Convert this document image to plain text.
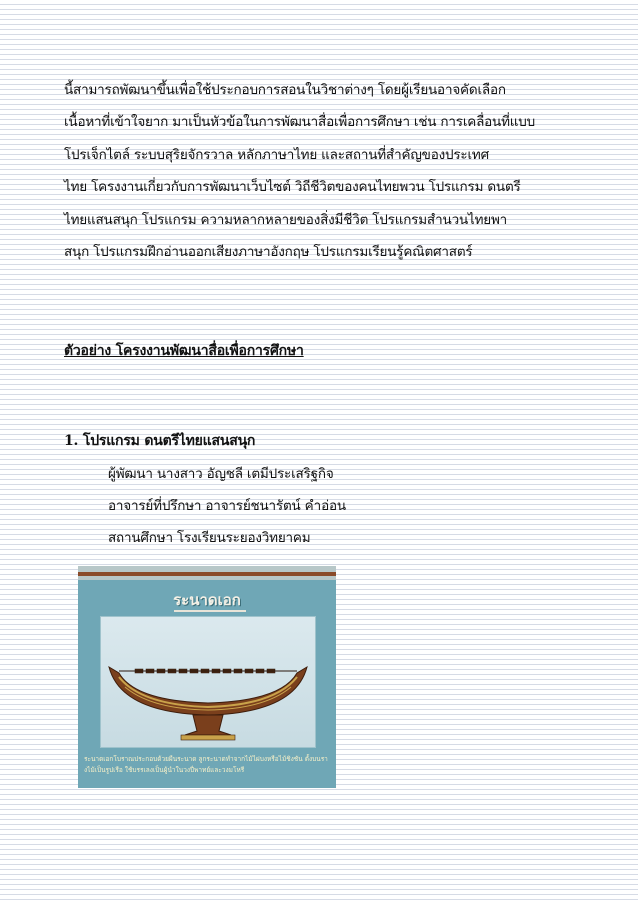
นี้สามารถพัฒนาขึ้นเพื่อใช้ประกอบการสอนในวิชาต่างๆ โดยผู้เรียนอาจคัดเลือก
เนื้อหาที่เข้าใจยาก มาเป็นหัวข้อในการพัฒนาสื่อเพื่อการศึกษา เช่น การเคลื่อนที่แบบ
โปรเจ็กไตล์ ระบบสุริยจักรวาล หลักภาษาไทย และสถานที่สำคัญของประเทศ
ไทย โครงงานเกี่ยวกับการพัฒนาเว็บไซต์ วิถีชีวิตของคนไทยพวน โปรแกรม ดนตรี
ไทยแสนสนุก โปรแกรม ความหลากหลายของสิ่งมีชีวิต โปรแกรมสำนวนไทยพา
สนุก โปรแกรมฝึกอ่านออกเสียงภาษาอังกฤษ โปรแกรมเรียนรู้คณิตศาสตร์
ตัวอย่าง โครงงานพัฒนาสื่อเพื่อการศึกษา
1. โปรแกรม ดนตรีไทยแสนสนุก

ผู้พัฒนา นางสาว อัญชลี เตมีประเสริฐกิจ

อาจารย์ที่ปรึกษา อาจารย์ชนารัตน์ คำอ่อน

สถานศึกษา โรงเรียนระยองวิทยาคม

ระนาดเอก
ระนาดเอกโบราณประกอบด้วยผืนระนาด ลูกระนาดทำจากไม้ไผ่บงหรือไม้ชิงชัน ตั้งบนรางไม้เป็นรูปเรือ ใช้บรรเลงเป็นผู้นำในวงปี่พาทย์และวงมโหรี
